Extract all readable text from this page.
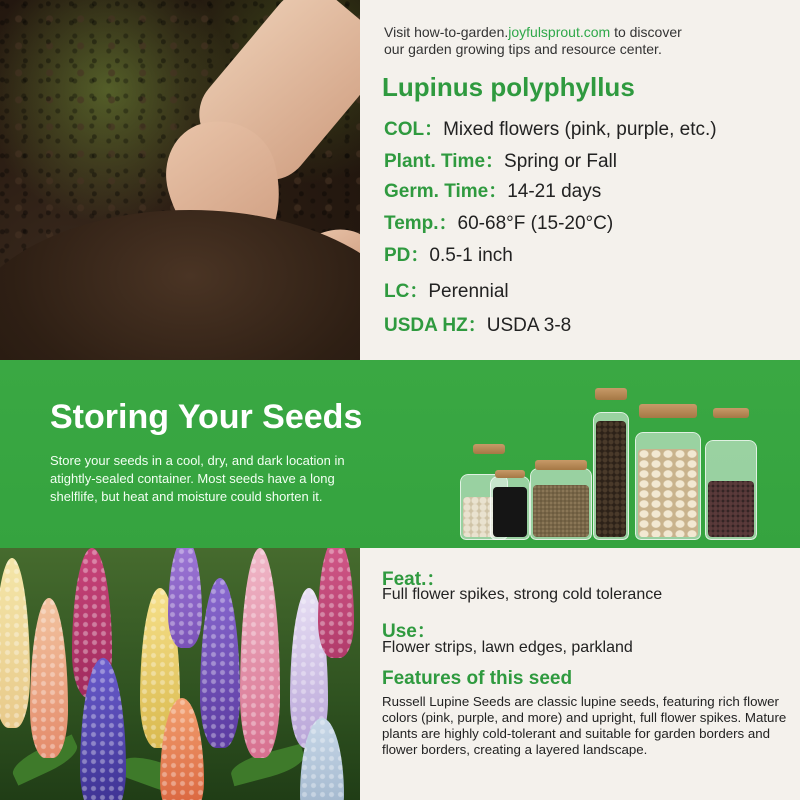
Visit how-to-garden.joyfulsprout.com to discover
our garden growing tips and resource center.
Lupinus polyphyllus
COL：Mixed flowers (pink, purple, etc.)
Plant. Time：Spring or Fall
Germ. Time：14-21 days
Temp.：60-68°F (15-20°C)
PD：0.5-1 inch
LC：Perennial
USDA HZ：USDA 3-8
Storing Your Seeds
Store your seeds in a cool, dry, and dark location in atightly-sealed container. Most seeds have a long shelflife, but heat and moisture could shorten it.
Feat.：
Full flower spikes, strong cold tolerance
Use：
Flower strips, lawn edges, parkland
Features of this seed
Russell Lupine Seeds are classic lupine seeds, featuring rich flower colors (pink, purple, and more) and upright, full flower spikes. Mature plants are highly cold-tolerant and suitable for garden borders and flower borders, creating a layered landscape.
